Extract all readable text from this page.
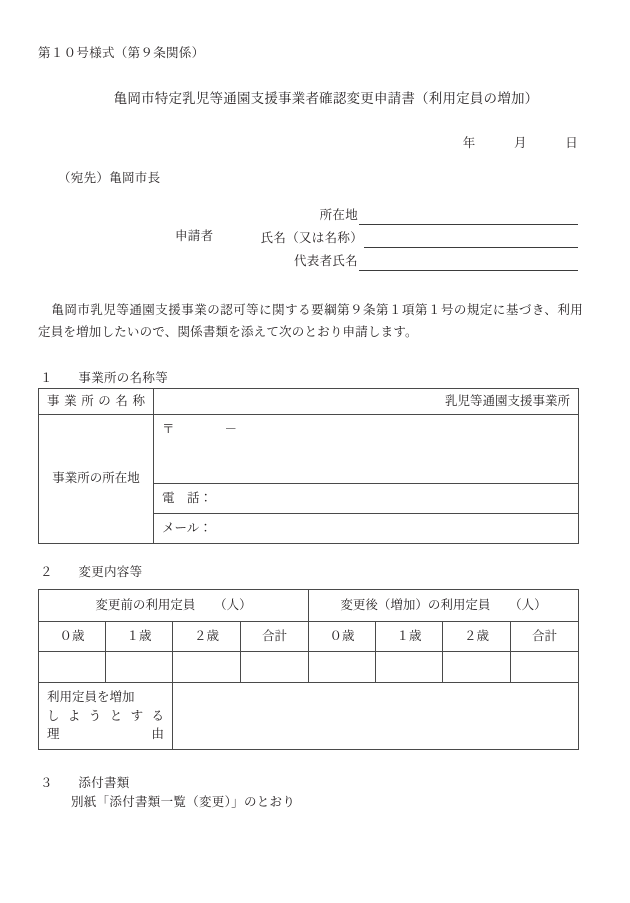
第１０号様式（第９条関係）
亀岡市特定乳児等通園支援事業者確認変更申請書（利用定員の増加）
年　　　月　　　日
（宛先）亀岡市長
申請者
所在地
氏名（又は名称）
代表者氏名
亀岡市乳児等通園支援事業の認可等に関する要綱第９条第１項第１号の規定に基づき、利用定員を増加したいので、関係書類を添えて次のとおり申請します。
１　　事業所の名称等
事業所の名称	乳児等通園支援事業所

事業所の所在地	〒　　　　－

	電　話：

	メール：
２　　変更内容等
変更前の利用定員　　（人）				変更後（増加）の利用定員　　（人）			

０歳	１歳	２歳	合計	０歳	１歳	２歳	合計

利用定員を増加
しようとする
理　　　　由							

３　　添付書類
別紙「添付書類一覧（変更）」のとおり
